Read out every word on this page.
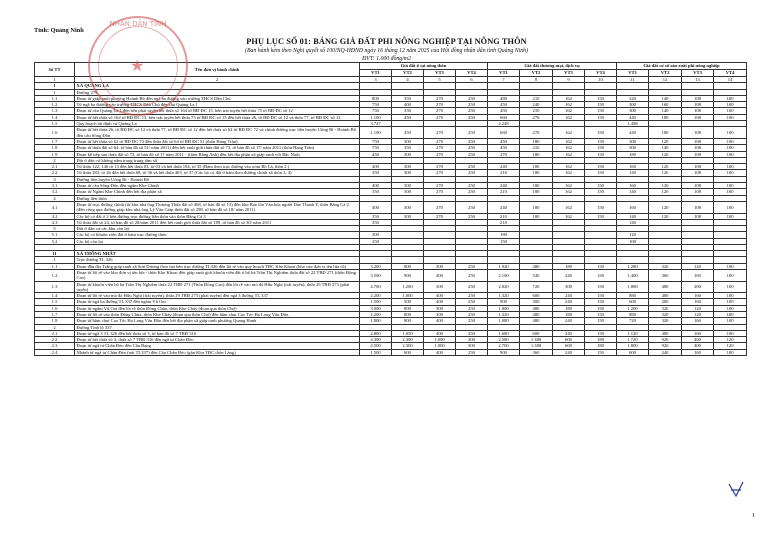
Tỉnh: Quảng Ninh
PHỤ LỤC SỐ 01: BẢNG GIÁ ĐẤT PHI NÔNG NGHIỆP TẠI NÔNG THÔN
(Ban hành kèm theo Nghị quyết số 100/NQ-HĐND ngày 16 tháng 12 năm 2025 của Hội đồng nhân dân tỉnh Quảng Ninh)
ĐVT: 1.000 đồng/m2
Số TT	Tên đơn vị hành chính	Giá đất ở tại nông thôn				Giá đất thương mại, dịch vụ				Giá đất cơ sở sản xuất phi nông nghiệp			
		VT1	VT2	VT3	VT4	VT1	VT2	VT3	VT4	VT1	VT2	VT3	VT4
1	2	3	4	5	6	7	8	9	10	11	12	13	14
I	XÃ QUẢNG LA												
1	Đường 279												
1.1	Đoạn từ giáp ranh phường Hoành Bồ đến ngã ba đường vào trường THCS Dân Chủ	800	350	270	250	480	210	162	150	320	140	108	100
1.2	Từ ngã ba đường vào trường THCS Dân Chủ đến cầu Quảng La 1	750	400	270	250	450	240	162	150	300	160	108	100
1.3	Đoạn từ cầu Quảng La 1 đến bên phải tuyến hết thửa số 164 tờ BĐ ĐC 15, bên trái tuyến hết thửa 75 tờ BĐ ĐC số 12	750	350	270	250	450	210	162	150	300	140	108	100
1.4	Đoạn từ hết thửa số 164 tờ BĐ ĐC 15, bên trái tuyến hết thửa 75 tờ BĐ ĐC số 15 đến hết thửa 26, tờ BĐ ĐC số 12 và thửa 77, tờ BĐ ĐC số 12	1.100	450	270	250	660	270	162	150	440	180	108	100
1.5	Quy hoạch tái định cư Quảng La	3.747				2.248				1.498			
1.6	Đoạn từ hết thửa 26, tờ BĐ ĐC số 12 và thửa 77, tờ BĐ ĐC số 12 đến hết thửa số 62 tờ BĐ ĐC 72 và chỉnh đường trục liên huyện Uông Bí - Hoành Bồ đến cầu Sông Đồn	1.100	450	270	250	660	270	162	150	440	180	108	100
1.7	Đoạn từ hết thửa số 62 tờ BĐ ĐC 72 đến thửa đất số 64 tờ BĐ ĐC 51 (thôn Hang Trăn)	750	300	270	250	450	180	162	150	300	120	108	100
1.8	Đoạn từ thửa đất số 64, tờ bản đồ số 51/ năm 2011) đến hết ranh giới thửa đất số 73, tờ bản đồ số 17/ năm 2011 (thôn Hang Trăn)	750	350	270	250	450	210	162	150	300	140	108	100
1.9	Đoạn kế tiếp sau thửa đất số 73, tờ bản đồ số 17 năm 2011 - (thôn Bằng Anh) đến hết địa phận xã giáp ranh với Bắc Ninh	450	300	270	250	270	180	162	150	180	120	108	100
2	Đất ở dân cư không nằm trong trung tâm xã												
2.1	Từ thửa 122, 146 tờ 13 đến hết thửa 03, tờ 03 và hết thửa 184, tờ 35 (Bám theo trục đường vào xóm Bồ Là, thôn 2 )	400	300	270	250	240	180	162	150	160	120	108	100
2.2	Từ thửa 283, tờ 26 đến hết thửa 68, tờ 36 và hết thửa 403, tờ 37 (Các hộ có đất ở bám theo đường chính xã thôn 3, 4)	350	300	270	250	210	180	162	150	140	120	108	100
3	Đường liên huyện Uông Bí - Hoành Bồ												
3.1	Đoạn từ cầu Sông Đồn đến ngầm Khe Chinh	400	300	270	250	240	180	162	150	160	120	108	100
3.2	Đoạn từ Ngầm Khe Chinh đến hết địa phận xã	350	300	270	250	210	180	162	150	140	120	108	100
4	Đường liên thôn												
4.1	Đoạn từ trục đường chính (từ khu nhà ông Thượng Thừa đất số 468, tờ bản đồ số 13) đến khu Bảo tồn Văn hóa người Dao Thanh Y, thôn Bằng Cả 2 (đến cổng qua đường giáp khu nhà ông Lý Văn Giáp thửa đất số 298, tờ bản đồ số 18/ năm 2011)	400	300	270	250	240	180	162	150	160	120	108	100
4.2	Các hộ có đất ở 2 bên đường trục đường liên thôn vào thôn Bằng Cả 3	350	300	270	250	210	180	162	150	140	120	108	100
4.3	Từ thửa đất số 24, tờ bản đồ số 28/năm 2011 đến hết ranh giới thửa đất số 189, tờ bản đồ số 30/ năm 2011	350				210				140			
5	Đất ở dân cư các khu còn lại												
5.1	Các hộ có khuôn viên đất ở bám trục đường thôn	300				180				120			
5.2	Các hộ còn lại	250				150				100			

II	XÃ THỐNG NHẤT												
1	Trục đường TL 326												
1.1	Đoạn đầu địa Trắng giáp ranh xã Sơn Dương theo hai bên trục đường TL326 đến lối rẽ vào quy hoạch TĐC Khe Khoai (kho của đơn vị tên lửa cũ)	3.200	800	300	250	1.920	480	180	150	1.280	320	120	100
1.2	Đoạn từ lối rẽ vào kho đơn vị tên lửa - thôn Khe Khoai đến giáp ranh giới khuôn viên đất ở hộ bà Trần Thị Nghiêm thửa đất số 22 TBĐ 271 (thôn Đồng Cao)	3.500	900	400	250	2.100	540	240	150	1.400	360	160	100
1.3	Đoạn từ khuôn viên hộ bà Trần Thị Nghiêm thửa 22 TBĐ 271 (Thôn Đồng Cao) đến lối rẽ vào mỏ đá Hữu Nghị (trái tuyến), thửa 29 TBĐ 273 (phải tuyến)	4.700	1.200	500	250	2.820	720	300	150	1.880	480	200	100
1.4	Đoạn từ lối rẽ vào mỏ đá Hữu Nghị (trái tuyến), thửa 29 TBĐ 273 (phải tuyến) đến ngã 3 đường TL 337	2.200	1.000	400	250	1.320	600	240	150	880	400	160	100
1.5	Đoạn từ ngã ba đường TL 337 đến ngầm Vũ Oai	1.500	500	400	250	900	300	240	150	600	200	160	100
1.6	Đoạn từ ngầm Vũ Oai đến lối rẽ thôn Đồng Chùa, thôn Khe Cháy (đoạn qua thôn Chợ)	3.000	800	300	250	1.800	480	180	150	1.200	320	120	100
1.7	Đoạn từ lối rẽ vào thôn Đồng Chùa, thôn Khe Cháy (đoạn qua thôn Chợ) đến hầm chui Cao Tốc Hạ Long Vân Đồn	2.200	800	300	250	1.320	480	180	150	880	320	120	100
1.8	Đoạn từ hầm chui Cao Tốc Hạ Long Vân Đồn đến hết địa phận xã giáp ranh phường Quang Hanh	1.800	800	400	250	1.080	480	240	150	720	320	160	100
2	Đường Tỉnh lộ 337												
2.1	Đoạn từ ngã 3 TL 326 đến hết thửa số 3, tờ bản đồ số 7 TBĐ 316	2.800	1.050	400	250	1.680	600	240	150	1.120	400	160	100
2.2	Đoạn từ hết thửa số 3, thửa số 7 TBĐ 316 đến ngã tư Chân Đèo	4.300	2.300	1.000	300	2.580	1.380	600	180	1.720	920	400	120
2.3	Đoạn từ ngã tư Chân Đèo đến Cầu Bang	4.500	2.300	1.000	300	2.700	1.380	600	180	1.800	920	400	120
2.4	Nhánh từ ngã tư Chân Đèo (nút TL337) đến Cầu Chân Đèo (gần Khu TĐC thôn Láng)	1.500	600	400	250	900	360	240	150	600	240	160	100
NHÂN DÂN TỈNH
★
1
